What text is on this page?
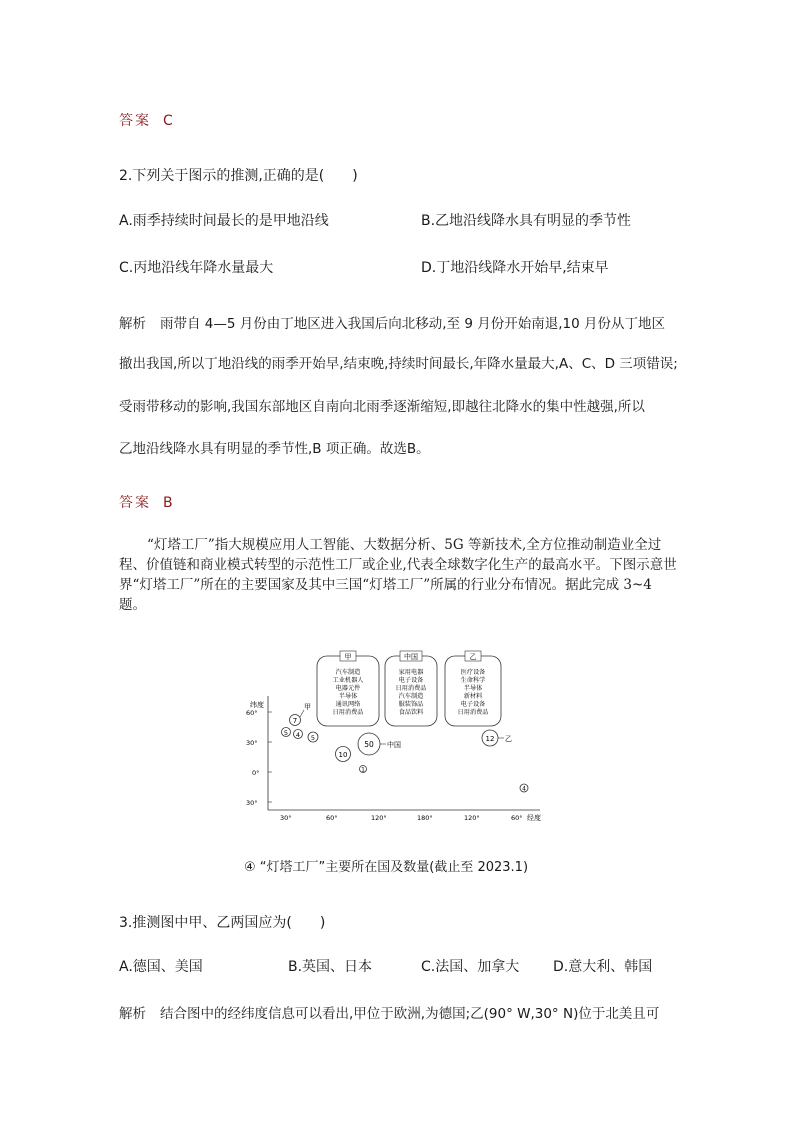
答案 C
2.下列关于图示的推测,正确的是(　　)
A.雨季持续时间最长的是甲地沿线	B.乙地沿线降水具有明显的季节性
C.丙地沿线年降水量最大	D.丁地沿线降水开始早,结束早
解析 雨带自 4—5 月份由丁地区进入我国后向北移动,至 9 月份开始南退,10 月份从丁地区
撤出我国,所以丁地沿线的雨季开始早,结束晚,持续时间最长,年降水量最大,A、C、D 三项错误;
受雨带移动的影响,我国东部地区自南向北雨季逐渐缩短,即越往北降水的集中性越强,所以
乙地沿线降水具有明显的季节性,B 项正确。故选B。
答案 B
“灯塔工厂”指大规模应用人工智能、大数据分析、5G 等新技术,全方位推动制造业全过程、价值链和商业模式转型的示范性工厂或企业,代表全球数字化生产的最高水平。下图示意世界“灯塔工厂”所在的主要国家及其中三国“灯塔工厂”所属的行业分布情况。据此完成 3~4 题。
甲
汽车制造
工业机器人
电器元件
半导体
通讯网络
日用消费品
中国
家用电器
电子设备
日用消费品
汽车制造
服装饰品
食品饮料
乙
医疗设备
生命科学
半导体
新材料
电子设备
日用消费品
纬度
60°
30°
0°
30°
30°	60°	120°	180°	120°	60° 经度
7
甲
5 4 5
10
50 中国
1
12 乙
4
④ “灯塔工厂”主要所在国及数量(截止至 2023.1)
3.推测图中甲、乙两国应为(　　)
A.德国、美国	B.英国、日本	C.法国、加拿大 D.意大利、韩国
解析 结合图中的经纬度信息可以看出,甲位于欧洲,为德国;乙(90° W,30° N)位于北美且可
